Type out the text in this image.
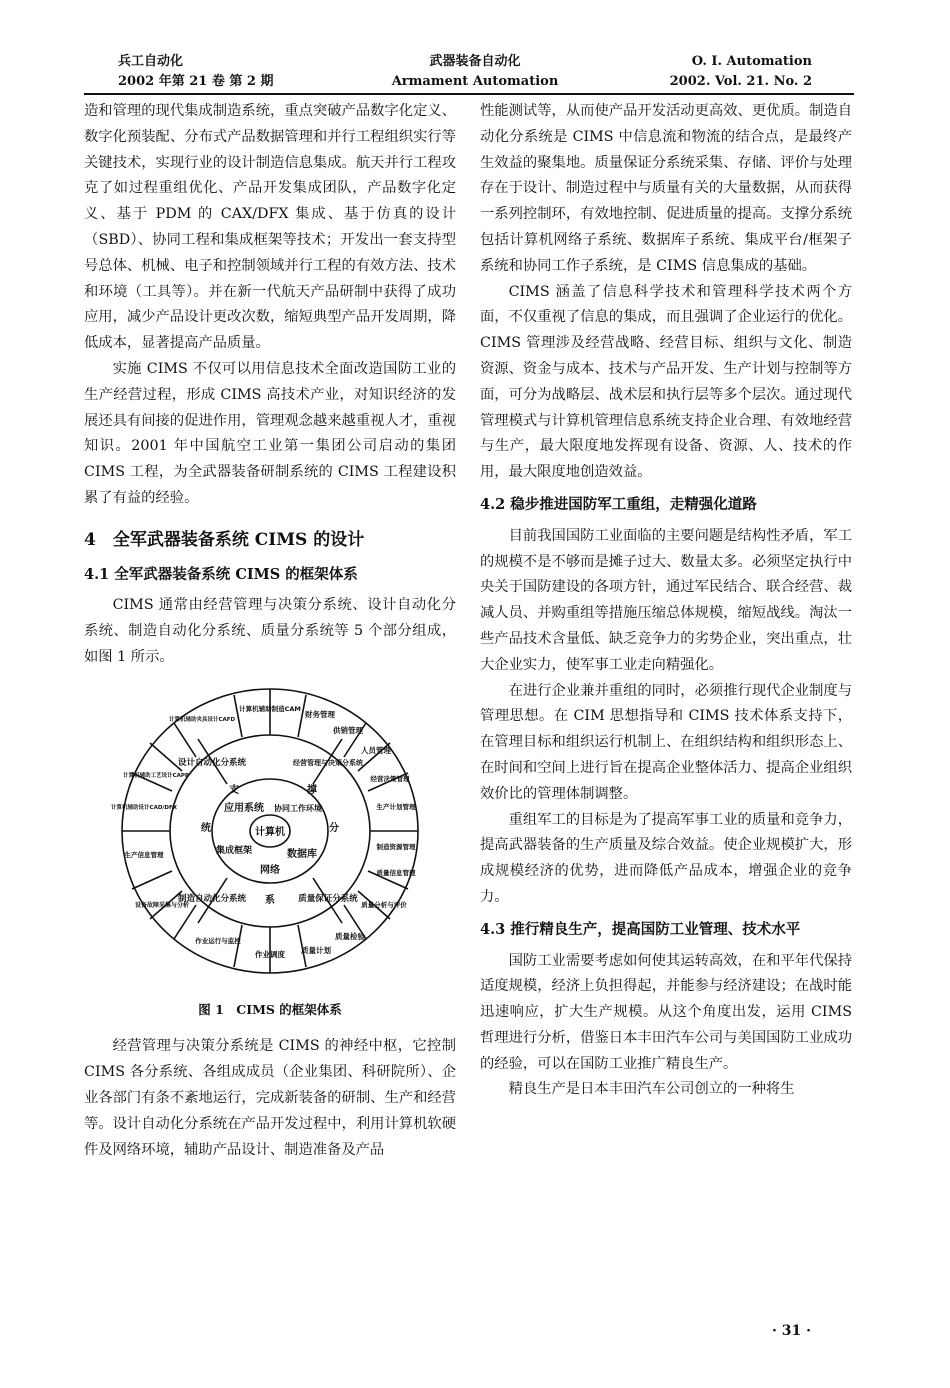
兵工自动化
2002 年第 21 卷 第 2 期
武器装备自动化
Armament Automation
O. I. Automation
2002. Vol. 21. No. 2

造和管理的现代集成制造系统，重点突破产品数字化定义、数字化预装配、分布式产品数据管理和并行工程组织实行等关键技术，实现行业的设计制造信息集成。航天并行工程攻克了如过程重组优化、产品开发集成团队，产品数字化定义、基于 PDM 的 CAX/DFX 集成、基于仿真的设计（SBD）、协同工程和集成框架等技术；开发出一套支持型号总体、机械、电子和控制领域并行工程的有效方法、技术和环境（工具等）。并在新一代航天产品研制中获得了成功应用，减少产品设计更改次数，缩短典型产品开发周期，降低成本，显著提高产品质量。

实施 CIMS 不仅可以用信息技术全面改造国防工业的生产经营过程，形成 CIMS 高技术产业，对知识经济的发展还具有间接的促进作用，管理观念越来越重视人才，重视知识。2001 年中国航空工业第一集团公司启动的集团 CIMS 工程，为全武器装备研制系统的 CIMS 工程建设积累了有益的经验。

4　全军武器装备系统 CIMS 的设计
4.1 全军武器装备系统 CIMS 的框架体系

CIMS 通常由经营管理与决策分系统、设计自动化分系统、制造自动化分系统、质量分系统等 5 个部分组成，如图 1 所示。

计算机
应用系统 协同工作环境
数据库
网络
集成框架
支	撑
分
系
统
设计自动化分系统	经营管理与决策分系统
质量保证分系统
制造自动化分系统
计算机辅助制造CAM
财务管理
供销管理
人员管理
经营决策管理
生产计划管理
制造资源管理
质量信息管理
质量分析与评价
质量检验
质量计划
作业调度
作业运行与监控
设备故障采集与分析
生产信息管理
计算机辅助设计CAD/DFX
计算机辅助工艺设计CAPP
计算机辅助夹具设计CAFD
图 1　CIMS 的框架体系

经营管理与决策分系统是 CIMS 的神经中枢，它控制 CIMS 各分系统、各组成成员（企业集团、科研院所）、企业各部门有条不紊地运行，完成新装备的研制、生产和经营等。设计自动化分系统在产品开发过程中，利用计算机软硬件及网络环境，辅助产品设计、制造准备及产品

性能测试等，从而使产品开发活动更高效、更优质。制造自动化分系统是 CIMS 中信息流和物流的结合点，是最终产生效益的聚集地。质量保证分系统采集、存储、评价与处理存在于设计、制造过程中与质量有关的大量数据，从而获得一系列控制环，有效地控制、促进质量的提高。支撑分系统包括计算机网络子系统、数据库子系统、集成平台/框架子系统和协同工作子系统，是 CIMS 信息集成的基础。

CIMS 涵盖了信息科学技术和管理科学技术两个方面，不仅重视了信息的集成，而且强调了企业运行的优化。CIMS 管理涉及经营战略、经营目标、组织与文化、制造资源、资金与成本、技术与产品开发、生产计划与控制等方面，可分为战略层、战术层和执行层等多个层次。通过现代管理模式与计算机管理信息系统支持企业合理、有效地经营与生产，最大限度地发挥现有设备、资源、人、技术的作用，最大限度地创造效益。

4.2 稳步推进国防军工重组，走精强化道路

目前我国国防工业面临的主要问题是结构性矛盾，军工的规模不是不够而是摊子过大、数量太多。必须坚定执行中央关于国防建设的各项方针，通过军民结合、联合经营、裁减人员、并购重组等措施压缩总体规模，缩短战线。淘汰一些产品技术含量低、缺乏竞争力的劣势企业，突出重点，壮大企业实力，使军事工业走向精强化。

在进行企业兼并重组的同时，必须推行现代企业制度与管理思想。在 CIM 思想指导和 CIMS 技术体系支持下，在管理目标和组织运行机制上、在组织结构和组织形态上、在时间和空间上进行旨在提高企业整体活力、提高企业组织效价比的管理体制调整。

重组军工的目标是为了提高军事工业的质量和竞争力，提高武器装备的生产质量及综合效益。使企业规模扩大，形成规模经济的优势，进而降低产品成本，增强企业的竞争力。

4.3 推行精良生产，提高国防工业管理、技术水平

国防工业需要考虑如何使其运转高效，在和平年代保持适度规模，经济上负担得起，并能参与经济建设；在战时能迅速响应，扩大生产规模。从这个角度出发，运用 CIMS 哲理进行分析，借鉴日本丰田汽车公司与美国国防工业成功的经验，可以在国防工业推广精良生产。

精良生产是日本丰田汽车公司创立的一种将生

· 31 ·
